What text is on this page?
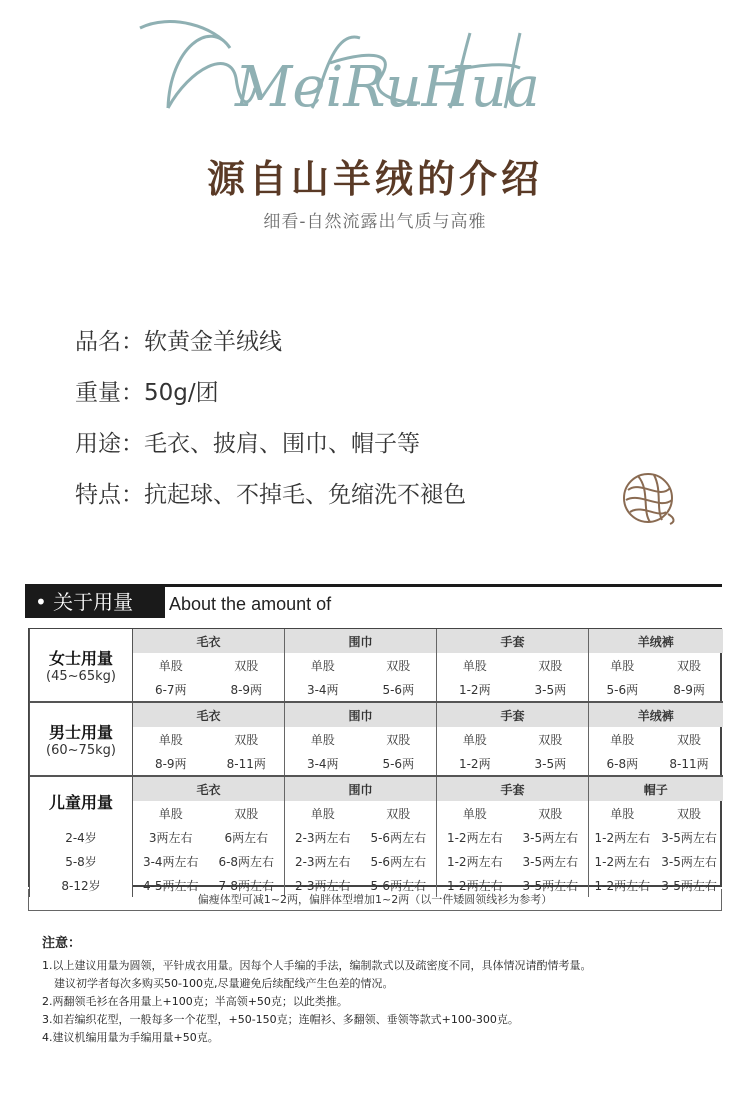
MeiRuHua
源自山羊绒的介绍
细看-自然流露出气质与高雅
品名：软黄金羊绒线
重量：50g/团
用途：毛衣、披肩、围巾、帽子等
特点：抗起球、不掉毛、免缩洗不褪色
• 关于用量	About the amount of
女士用量
(45~65kg)	毛衣		围巾		手套		羊绒裤	
	单股	双股	单股	双股	单股	双股	单股	双股
	6-7两	8-9两	3-4两	5-6两	1-2两	3-5两	5-6两	8-9两

男士用量
(60~75kg)	毛衣		围巾		手套		羊绒裤	
	单股	双股	单股	双股	单股	双股	单股	双股
	8-9两	8-11两	3-4两	5-6两	1-2两	3-5两	6-8两	8-11两

儿童用量	毛衣		围巾		手套		帽子	
	单股	双股	单股	双股	单股	双股	单股	双股
2-4岁	3两左右	6两左右	2-3两左右	5-6两左右	1-2两左右	3-5两左右	1-2两左右	3-5两左右
5-8岁	3-4两左右	6-8两左右	2-3两左右	5-6两左右	1-2两左右	3-5两左右	1-2两左右	3-5两左右
8-12岁	4-5两左右	7-8两左右	2-3两左右	5-6两左右	1-2两左右	3-5两左右	1-2两左右	3-5两左右
偏瘦体型可减1~2两，偏胖体型增加1~2两（以一件矮圆领线衫为参考）
注意：
1.以上建议用量为圆领，平针成衣用量。因每个人手编的手法，编制款式以及疏密度不同，具体情况请酌情考量。
建议初学者每次多购买50-100克,尽量避免后续配线产生色差的情况。
2.两翻领毛衫在各用量上+100克；半高领+50克；以此类推。
3.如若编织花型，一般每多一个花型，+50-150克；连帽衫、多翻领、垂领等款式+100-300克。
4.建议机编用量为手编用量+50克。
